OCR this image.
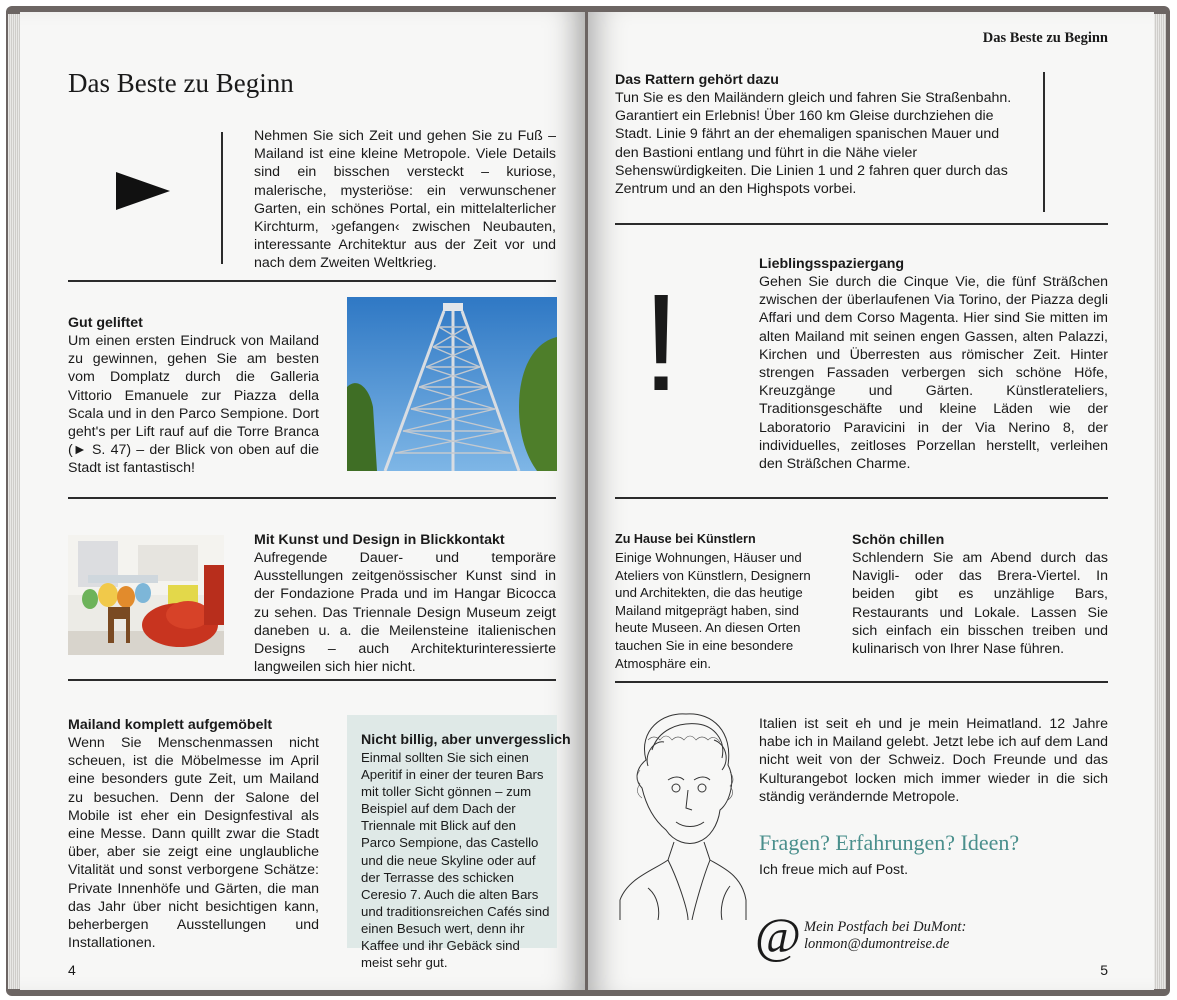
Das Beste zu Beginn
Nehmen Sie sich Zeit und gehen Sie zu Fuß – Mailand ist eine kleine Metropole. Viele Details sind ein bisschen versteckt – kuriose, malerische, mysteriöse: ein verwunschener Garten, ein schönes Portal, ein mittelalterlicher Kirchturm, ›gefangen‹ zwischen Neubauten, interessante Architektur aus der Zeit vor und nach dem Zweiten Weltkrieg.
Gut geliftet
Um einen ersten Eindruck von Mailand zu gewinnen, gehen Sie am besten vom Domplatz durch die Galleria Vittorio Emanuele zur Piazza della Scala und in den Parco Sempione. Dort geht's per Lift rauf auf die Torre Branca (► S. 47) – der Blick von oben auf die Stadt ist fantastisch!
Mit Kunst und Design in Blickkontakt
Aufregende Dauer- und temporäre Ausstellungen zeitgenössischer Kunst sind in der Fondazione Prada und im Hangar Bicocca zu sehen. Das Triennale Design Museum zeigt daneben u. a. die Meilensteine italienischen Designs – auch Architekturinteressierte langweilen sich hier nicht.
Mailand komplett aufgemöbelt
Wenn Sie Menschenmassen nicht scheuen, ist die Möbelmesse im April eine besonders gute Zeit, um Mailand zu besuchen. Denn der Salone del Mobile ist eher ein Designfestival als eine Messe. Dann quillt zwar die Stadt über, aber sie zeigt eine unglaubliche Vitalität und sonst verborgene Schätze: Private Innenhöfe und Gärten, die man das Jahr über nicht besichtigen kann, beherbergen Ausstellungen und Installationen.
Nicht billig, aber unvergesslich
Einmal sollten Sie sich einen Aperitif in einer der teuren Bars mit toller Sicht gönnen – zum Beispiel auf dem Dach der Triennale mit Blick auf den Parco Sempione, das Castello und die neue Skyline oder auf der Terrasse des schicken Ceresio 7. Auch die alten Bars und traditionsreichen Cafés sind einen Besuch wert, denn ihr Kaffee und ihr Gebäck sind meist sehr gut.
4
Das Beste zu Beginn
Das Rattern gehört dazu
Tun Sie es den Mailändern gleich und fahren Sie Straßenbahn. Garantiert ein Erlebnis! Über 160 km Gleise durchziehen die Stadt. Linie 9 fährt an der ehemaligen spanischen Mauer und den Bastioni entlang und führt in die Nähe vieler Sehenswürdigkeiten. Die Linien 1 und 2 fahren quer durch das Zentrum und an den Highspots vorbei.
!
Lieblingsspaziergang
Gehen Sie durch die Cinque Vie, die fünf Sträßchen zwischen der überlaufenen Via Torino, der Piazza degli Affari und dem Corso Magenta. Hier sind Sie mitten im alten Mailand mit seinen engen Gassen, alten Palazzi, Kirchen und Überresten aus römischer Zeit. Hinter strengen Fassaden verbergen sich schöne Höfe, Kreuzgänge und Gärten. Künstlerateliers, Traditionsgeschäfte und kleine Läden wie der Laboratorio Paravicini in der Via Nerino 8, der individuelles, zeitloses Porzellan herstellt, verleihen den Sträßchen Charme.
Zu Hause bei Künstlern
Einige Wohnungen, Häuser und Ateliers von Künstlern, Designern und Architekten, die das heutige Mailand mitgeprägt haben, sind heute Museen. An diesen Orten tauchen Sie in eine besondere Atmosphäre ein.
Schön chillen
Schlendern Sie am Abend durch das Navigli- oder das Brera-Viertel. In beiden gibt es unzählige Bars, Restaurants und Lokale. Lassen Sie sich einfach ein bisschen treiben und kulinarisch von Ihrer Nase führen.
Italien ist seit eh und je mein Heimatland. 12 Jahre habe ich in Mailand gelebt. Jetzt lebe ich auf dem Land nicht weit von der Schweiz. Doch Freunde und das Kulturangebot locken mich immer wieder in die sich ständig verändernde Metropole.
Fragen? Erfahrungen? Ideen?
Ich freue mich auf Post.
@ Mein Postfach bei DuMont:
lonmon@dumontreise.de
5
